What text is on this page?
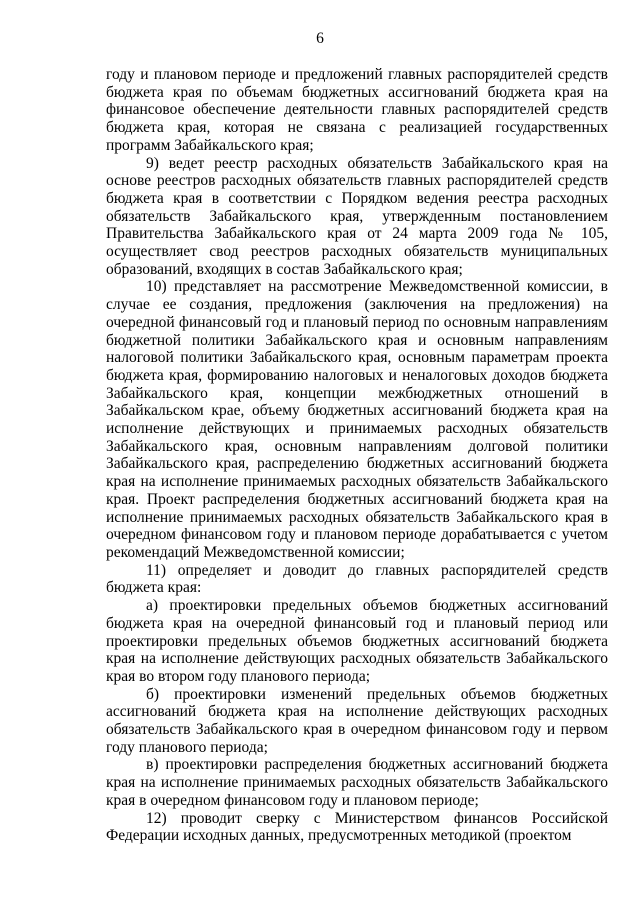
6

году и плановом периоде и предложений главных распорядителей средств бюджета края по объемам бюджетных ассигнований бюджета края на финансовое обеспечение деятельности главных распорядителей средств бюджета края, которая не связана с реализацией государственных программ Забайкальского края;

9) ведет реестр расходных обязательств Забайкальского края на основе реестров расходных обязательств главных распорядителей средств бюджета края в соответствии с Порядком ведения реестра расходных обязательств Забайкальского края, утвержденным постановлением Правительства Забайкальского края от 24 марта 2009 года № 105, осуществляет свод реестров расходных обязательств муниципальных образований, входящих в состав Забайкальского края;

10) представляет на рассмотрение Межведомственной комиссии, в случае ее создания, предложения (заключения на предложения) на очередной финансовый год и плановый период по основным направлениям бюджетной политики Забайкальского края и основным направлениям налоговой политики Забайкальского края, основным параметрам проекта бюджета края, формированию налоговых и неналоговых доходов бюджета Забайкальского края, концепции межбюджетных отношений в Забайкальском крае, объему бюджетных ассигнований бюджета края на исполнение действующих и принимаемых расходных обязательств Забайкальского края, основным направлениям долговой политики Забайкальского края, распределению бюджетных ассигнований бюджета края на исполнение принимаемых расходных обязательств Забайкальского края. Проект распределения бюджетных ассигнований бюджета края на исполнение принимаемых расходных обязательств Забайкальского края в очередном финансовом году и плановом периоде дорабатывается с учетом рекомендаций Межведомственной комиссии;

11) определяет и доводит до главных распорядителей средств бюджета края:

а) проектировки предельных объемов бюджетных ассигнований бюджета края на очередной финансовый год и плановый период или проектировки предельных объемов бюджетных ассигнований бюджета края на исполнение действующих расходных обязательств Забайкальского края во втором году планового периода;

б) проектировки изменений предельных объемов бюджетных ассигнований бюджета края на исполнение действующих расходных обязательств Забайкальского края в очередном финансовом году и первом году планового периода;

в) проектировки распределения бюджетных ассигнований бюджета края на исполнение принимаемых расходных обязательств Забайкальского края в очередном финансовом году и плановом периоде;

12) проводит сверку с Министерством финансов Российской Федерации исходных данных, предусмотренных методикой (проектом
